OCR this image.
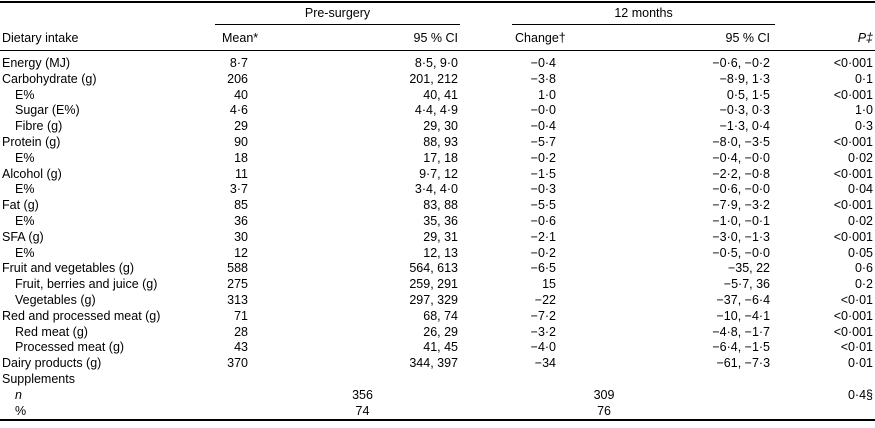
	Pre-surgery		12 months		

Dietary intake	Mean*	95 % CI	Change†	95 % CI	P‡
Energy (MJ)	8·7	8·5, 9·0	−0·4	−0·6, −0·2	<0·001
Carbohydrate (g)	206	201, 212	−3·8	−8·9, 1·3	0·1
E%	40	40, 41	1·0	0·5, 1·5	<0·001
Sugar (E%)	4·6	4·4, 4·9	−0·0	−0·3, 0·3	1·0
Fibre (g)	29	29, 30	−0·4	−1·3, 0·4	0·3
Protein (g)	90	88, 93	−5·7	−8·0, −3·5	<0·001
E%	18	17, 18	−0·2	−0·4, −0·0	0·02
Alcohol (g)	11	9·7, 12	−1·5	−2·2, −0·8	<0·001
E%	3·7	3·4, 4·0	−0·3	−0·6, −0·0	0·04
Fat (g)	85	83, 88	−5·5	−7·9, −3·2	<0·001
E%	36	35, 36	−0·6	−1·0, −0·1	0·02
SFA (g)	30	29, 31	−2·1	−3·0, −1·3	<0·001
E%	12	12, 13	−0·2	−0·5, −0·0	0·05
Fruit and vegetables (g)	588	564, 613	−6·5	−35, 22	0·6
Fruit, berries and juice (g)	275	259, 291	15	−5·7, 36	0·2
Vegetables (g)	313	297, 329	−22	−37, −6·4	<0·01
Red and processed meat (g)	71	68, 74	−7·2	−10, −4·1	<0·001
Red meat (g)	28	26, 29	−3·2	−4·8, −1·7	<0·001
Processed meat (g)	43	41, 45	−4·0	−6·4, −1·5	<0·01
Dairy products (g)	370	344, 397	−34	−61, −7·3	0·01
Supplements					
n	356		309		0·4§
%	74		76		
